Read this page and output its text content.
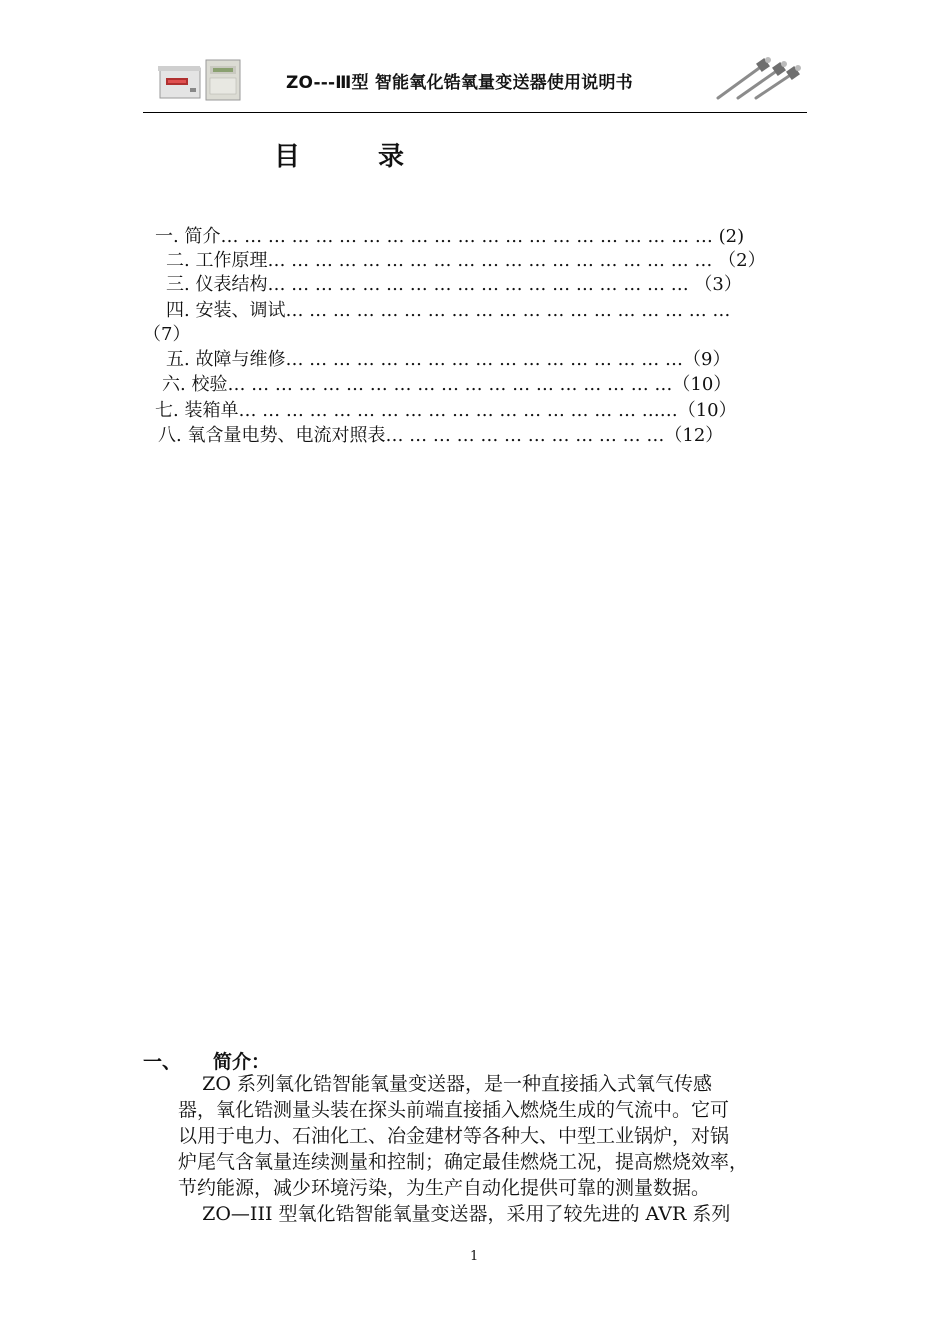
ZO---Ⅲ型 智能氧化锆氧量变送器使用说明书
目	录
一. 简介… … … … … … … … … … … … … … … … … … … … … (2)
二. 工作原理… … … … … … … … … … … … … … … … … … … （2）
三. 仪表结构… … … … … … … … … … … … … … … … … … （3）
四. 安装、调试… … … … … … … … … … … … … … … … … … …
（7）
五. 故障与维修… … … … … … … … … … … … … … … … …（9）
六. 校验… … … … … … … … … … … … … … … … … … …（10）
七. 装箱单… … … … … … … … … … … … … … … … … ……（10）
八. 氧含量电势、电流对照表… … … … … … … … … … … …（12）
一、 简介：
ZO 系列氧化锆智能氧量变送器，是一种直接插入式氧气传感
器，氧化锆测量头装在探头前端直接插入燃烧生成的气流中。它可
以用于电力、石油化工、冶金建材等各种大、中型工业锅炉，对锅
炉尾气含氧量连续测量和控制；确定最佳燃烧工况，提高燃烧效率，
节约能源，减少环境污染，为生产自动化提供可靠的测量数据。
ZO—III 型氧化锆智能氧量变送器，采用了较先进的 AVR 系列
1
